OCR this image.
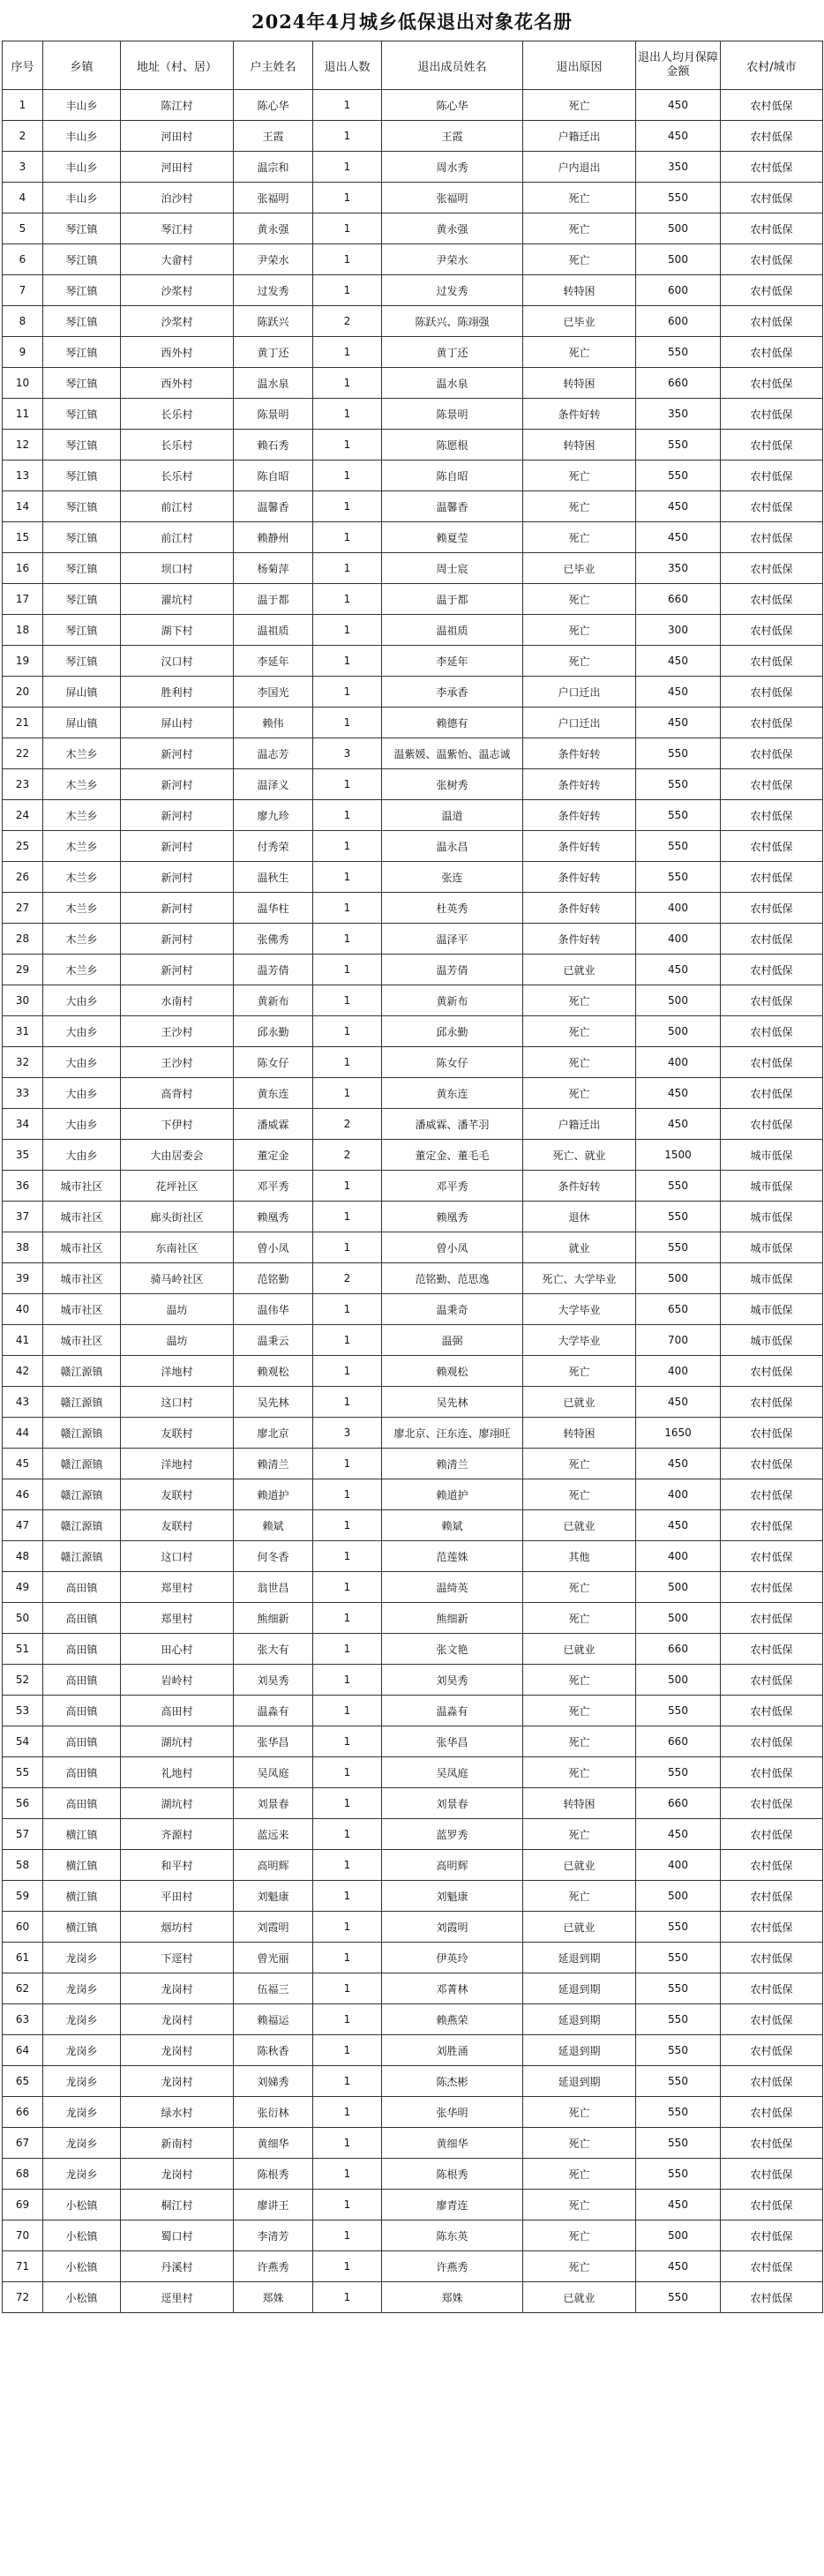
2024年4月城乡低保退出对象花名册
序号	乡镇	地址（村、居）	户主姓名	退出人数	退出成员姓名	退出原因	退出人均月保障金额	农村/城市
1	丰山乡	陈江村	陈心华	1	陈心华	死亡	450	农村低保
2	丰山乡	河田村	王霞	1	王霞	户籍迁出	450	农村低保
3	丰山乡	河田村	温宗和	1	周水秀	户内退出	350	农村低保
4	丰山乡	泊沙村	张福明	1	张福明	死亡	550	农村低保
5	琴江镇	琴江村	黄永强	1	黄永强	死亡	500	农村低保
6	琴江镇	大畲村	尹荣水	1	尹荣水	死亡	500	农村低保
7	琴江镇	沙浆村	过发秀	1	过发秀	转特困	600	农村低保
8	琴江镇	沙浆村	陈跃兴	2	陈跃兴、陈翊强	已毕业	600	农村低保
9	琴江镇	西外村	黄丁还	1	黄丁还	死亡	550	农村低保
10	琴江镇	西外村	温水泉	1	温水泉	转特困	660	农村低保
11	琴江镇	长乐村	陈景明	1	陈景明	条件好转	350	农村低保
12	琴江镇	长乐村	赖石秀	1	陈愿根	转特困	550	农村低保
13	琴江镇	长乐村	陈自昭	1	陈自昭	死亡	550	农村低保
14	琴江镇	前江村	温馨香	1	温馨香	死亡	450	农村低保
15	琴江镇	前江村	赖静州	1	赖夏莹	死亡	450	农村低保
16	琴江镇	坝口村	杨菊萍	1	周士宸	已毕业	350	农村低保
17	琴江镇	濯坑村	温于都	1	温于都	死亡	660	农村低保
18	琴江镇	湖下村	温祖质	1	温祖质	死亡	300	农村低保
19	琴江镇	汉口村	李延年	1	李延年	死亡	450	农村低保
20	屏山镇	胜利村	李国光	1	李承香	户口迁出	450	农村低保
21	屏山镇	屏山村	赖伟	1	赖德有	户口迁出	450	农村低保
22	木兰乡	新河村	温志芳	3	温紫媛、温紫怡、温志诚	条件好转	550	农村低保
23	木兰乡	新河村	温泽义	1	张树秀	条件好转	550	农村低保
24	木兰乡	新河村	廖九珍	1	温道	条件好转	550	农村低保
25	木兰乡	新河村	付秀荣	1	温永昌	条件好转	550	农村低保
26	木兰乡	新河村	温秋生	1	张连	条件好转	550	农村低保
27	木兰乡	新河村	温华柱	1	杜英秀	条件好转	400	农村低保
28	木兰乡	新河村	张佛秀	1	温泽平	条件好转	400	农村低保
29	木兰乡	新河村	温芳倩	1	温芳倩	已就业	450	农村低保
30	大由乡	水南村	黄新布	1	黄新布	死亡	500	农村低保
31	大由乡	王沙村	邱永勤	1	邱永勤	死亡	500	农村低保
32	大由乡	王沙村	陈女仔	1	陈女仔	死亡	400	农村低保
33	大由乡	高背村	黄东连	1	黄东连	死亡	450	农村低保
34	大由乡	下伊村	潘威霖	2	潘威霖、潘芊羽	户籍迁出	450	农村低保
35	大由乡	大由居委会	董定金	2	董定金、董毛毛	死亡、就业	1500	城市低保
36	城市社区	花坪社区	邓平秀	1	邓平秀	条件好转	550	城市低保
37	城市社区	廊头街社区	赖凰秀	1	赖凰秀	退休	550	城市低保
38	城市社区	东南社区	曾小凤	1	曾小凤	就业	550	城市低保
39	城市社区	骑马岭社区	范铭勤	2	范铭勤、范思逸	死亡、大学毕业	500	城市低保
40	城市社区	温坊	温伟华	1	温秉奇	大学毕业	650	城市低保
41	城市社区	温坊	温秉云	1	温弼	大学毕业	700	城市低保
42	赣江源镇	洋地村	赖观松	1	赖观松	死亡	400	农村低保
43	赣江源镇	这口村	吴先林	1	吴先林	已就业	450	农村低保
44	赣江源镇	友联村	廖北京	3	廖北京、汪东连、廖翊旺	转特困	1650	农村低保
45	赣江源镇	洋地村	赖清兰	1	赖清兰	死亡	450	农村低保
46	赣江源镇	友联村	赖道护	1	赖道护	死亡	400	农村低保
47	赣江源镇	友联村	赖斌	1	赖斌	已就业	450	农村低保
48	赣江源镇	这口村	何冬香	1	范莲姝	其他	400	农村低保
49	高田镇	郑里村	翁世昌	1	温绮英	死亡	500	农村低保
50	高田镇	郑里村	熊细新	1	熊细新	死亡	500	农村低保
51	高田镇	田心村	张大有	1	张文艳	已就业	660	农村低保
52	高田镇	岩岭村	刘昊秀	1	刘昊秀	死亡	500	农村低保
53	高田镇	高田村	温淼有	1	温淼有	死亡	550	农村低保
54	高田镇	湖坑村	张华昌	1	张华昌	死亡	660	农村低保
55	高田镇	礼地村	吴凤庭	1	吴凤庭	死亡	550	农村低保
56	高田镇	湖坑村	刘景春	1	刘景春	转特困	660	农村低保
57	横江镇	齐源村	蓝远来	1	蓝罗秀	死亡	450	农村低保
58	横江镇	和平村	高明辉	1	高明辉	已就业	400	农村低保
59	横江镇	平田村	刘魁康	1	刘魁康	死亡	500	农村低保
60	横江镇	烟坊村	刘霞明	1	刘霞明	已就业	550	农村低保
61	龙岗乡	下逕村	曾光丽	1	伊英玲	延退到期	550	农村低保
62	龙岗乡	龙岗村	伍福三	1	邓菁林	延退到期	550	农村低保
63	龙岗乡	龙岗村	赖福运	1	赖燕荣	延退到期	550	农村低保
64	龙岗乡	龙岗村	陈秋香	1	刘胜涌	延退到期	550	农村低保
65	龙岗乡	龙岗村	刘娣秀	1	陈杰彬	延退到期	550	农村低保
66	龙岗乡	绿水村	张衍林	1	张华明	死亡	550	农村低保
67	龙岗乡	新南村	黄细华	1	黄细华	死亡	550	农村低保
68	龙岗乡	龙岗村	陈根秀	1	陈根秀	死亡	550	农村低保
69	小松镇	桐江村	廖讲王	1	廖青连	死亡	450	农村低保
70	小松镇	蜀口村	李清芳	1	陈东英	死亡	500	农村低保
71	小松镇	丹溪村	许燕秀	1	许燕秀	死亡	450	农村低保
72	小松镇	逕里村	郑姝	1	郑姝	已就业	550	农村低保
